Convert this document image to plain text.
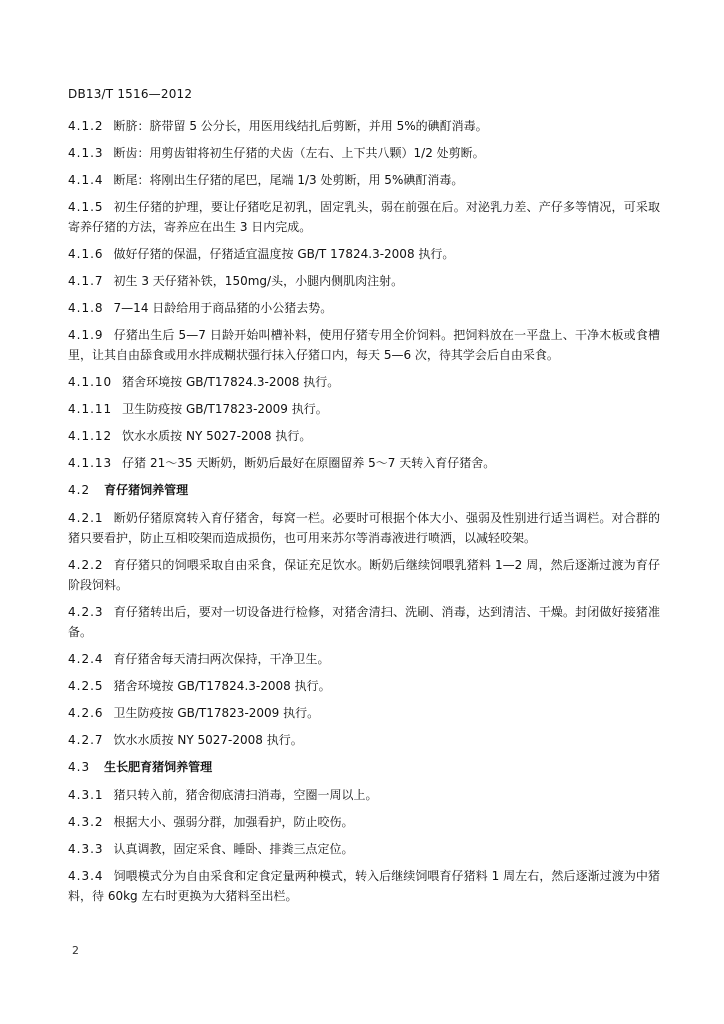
DB13/T 1516—2012
4.1.2 断脐：脐带留 5 公分长，用医用线结扎后剪断，并用 5%的碘酊消毒。
4.1.3 断齿：用剪齿钳将初生仔猪的犬齿（左右、上下共八颗）1/2 处剪断。
4.1.4 断尾：将刚出生仔猪的尾巴，尾端 1/3 处剪断，用 5%碘酊消毒。
4.1.5 初生仔猪的护理，要让仔猪吃足初乳，固定乳头，弱在前强在后。对泌乳力差、产仔多等情况，可采取寄养仔猪的方法，寄养应在出生 3 日内完成。
4.1.6 做好仔猪的保温，仔猪适宜温度按 GB/T 17824.3-2008 执行。
4.1.7 初生 3 天仔猪补铁，150mg/头，小腿内侧肌肉注射。
4.1.8 7—14 日龄给用于商品猪的小公猪去势。
4.1.9 仔猪出生后 5—7 日龄开始叫槽补料，使用仔猪专用全价饲料。把饲料放在一平盘上、干净木板或食槽里，让其自由舔食或用水拌成糊状强行抹入仔猪口内，每天 5—6 次，待其学会后自由采食。
4.1.10 猪舍环境按 GB/T17824.3-2008 执行。
4.1.11 卫生防疫按 GB/T17823-2009 执行。
4.1.12 饮水水质按 NY 5027-2008 执行。
4.1.13 仔猪 21～35 天断奶，断奶后最好在原圈留养 5～7 天转入育仔猪舍。
4.2 育仔猪饲养管理
4.2.1 断奶仔猪原窝转入育仔猪舍，每窝一栏。必要时可根据个体大小、强弱及性别进行适当调栏。对合群的猪只要看护，防止互相咬架而造成损伤，也可用来苏尔等消毒液进行喷洒，以减轻咬架。
4.2.2 育仔猪只的饲喂采取自由采食，保证充足饮水。断奶后继续饲喂乳猪料 1—2 周，然后逐渐过渡为育仔阶段饲料。
4.2.3 育仔猪转出后，要对一切设备进行检修，对猪舍清扫、洗刷、消毒，达到清洁、干燥。封闭做好接猪准备。
4.2.4 育仔猪舍每天清扫两次保持，干净卫生。
4.2.5 猪舍环境按 GB/T17824.3-2008 执行。
4.2.6 卫生防疫按 GB/T17823-2009 执行。
4.2.7 饮水水质按 NY 5027-2008 执行。
4.3 生长肥育猪饲养管理
4.3.1 猪只转入前，猪舍彻底清扫消毒，空圈一周以上。
4.3.2 根据大小、强弱分群，加强看护，防止咬伤。
4.3.3 认真调教，固定采食、睡卧、排粪三点定位。
4.3.4 饲喂模式分为自由采食和定食定量两种模式，转入后继续饲喂育仔猪料 1 周左右，然后逐渐过渡为中猪料，待 60kg 左右时更换为大猪料至出栏。
2
